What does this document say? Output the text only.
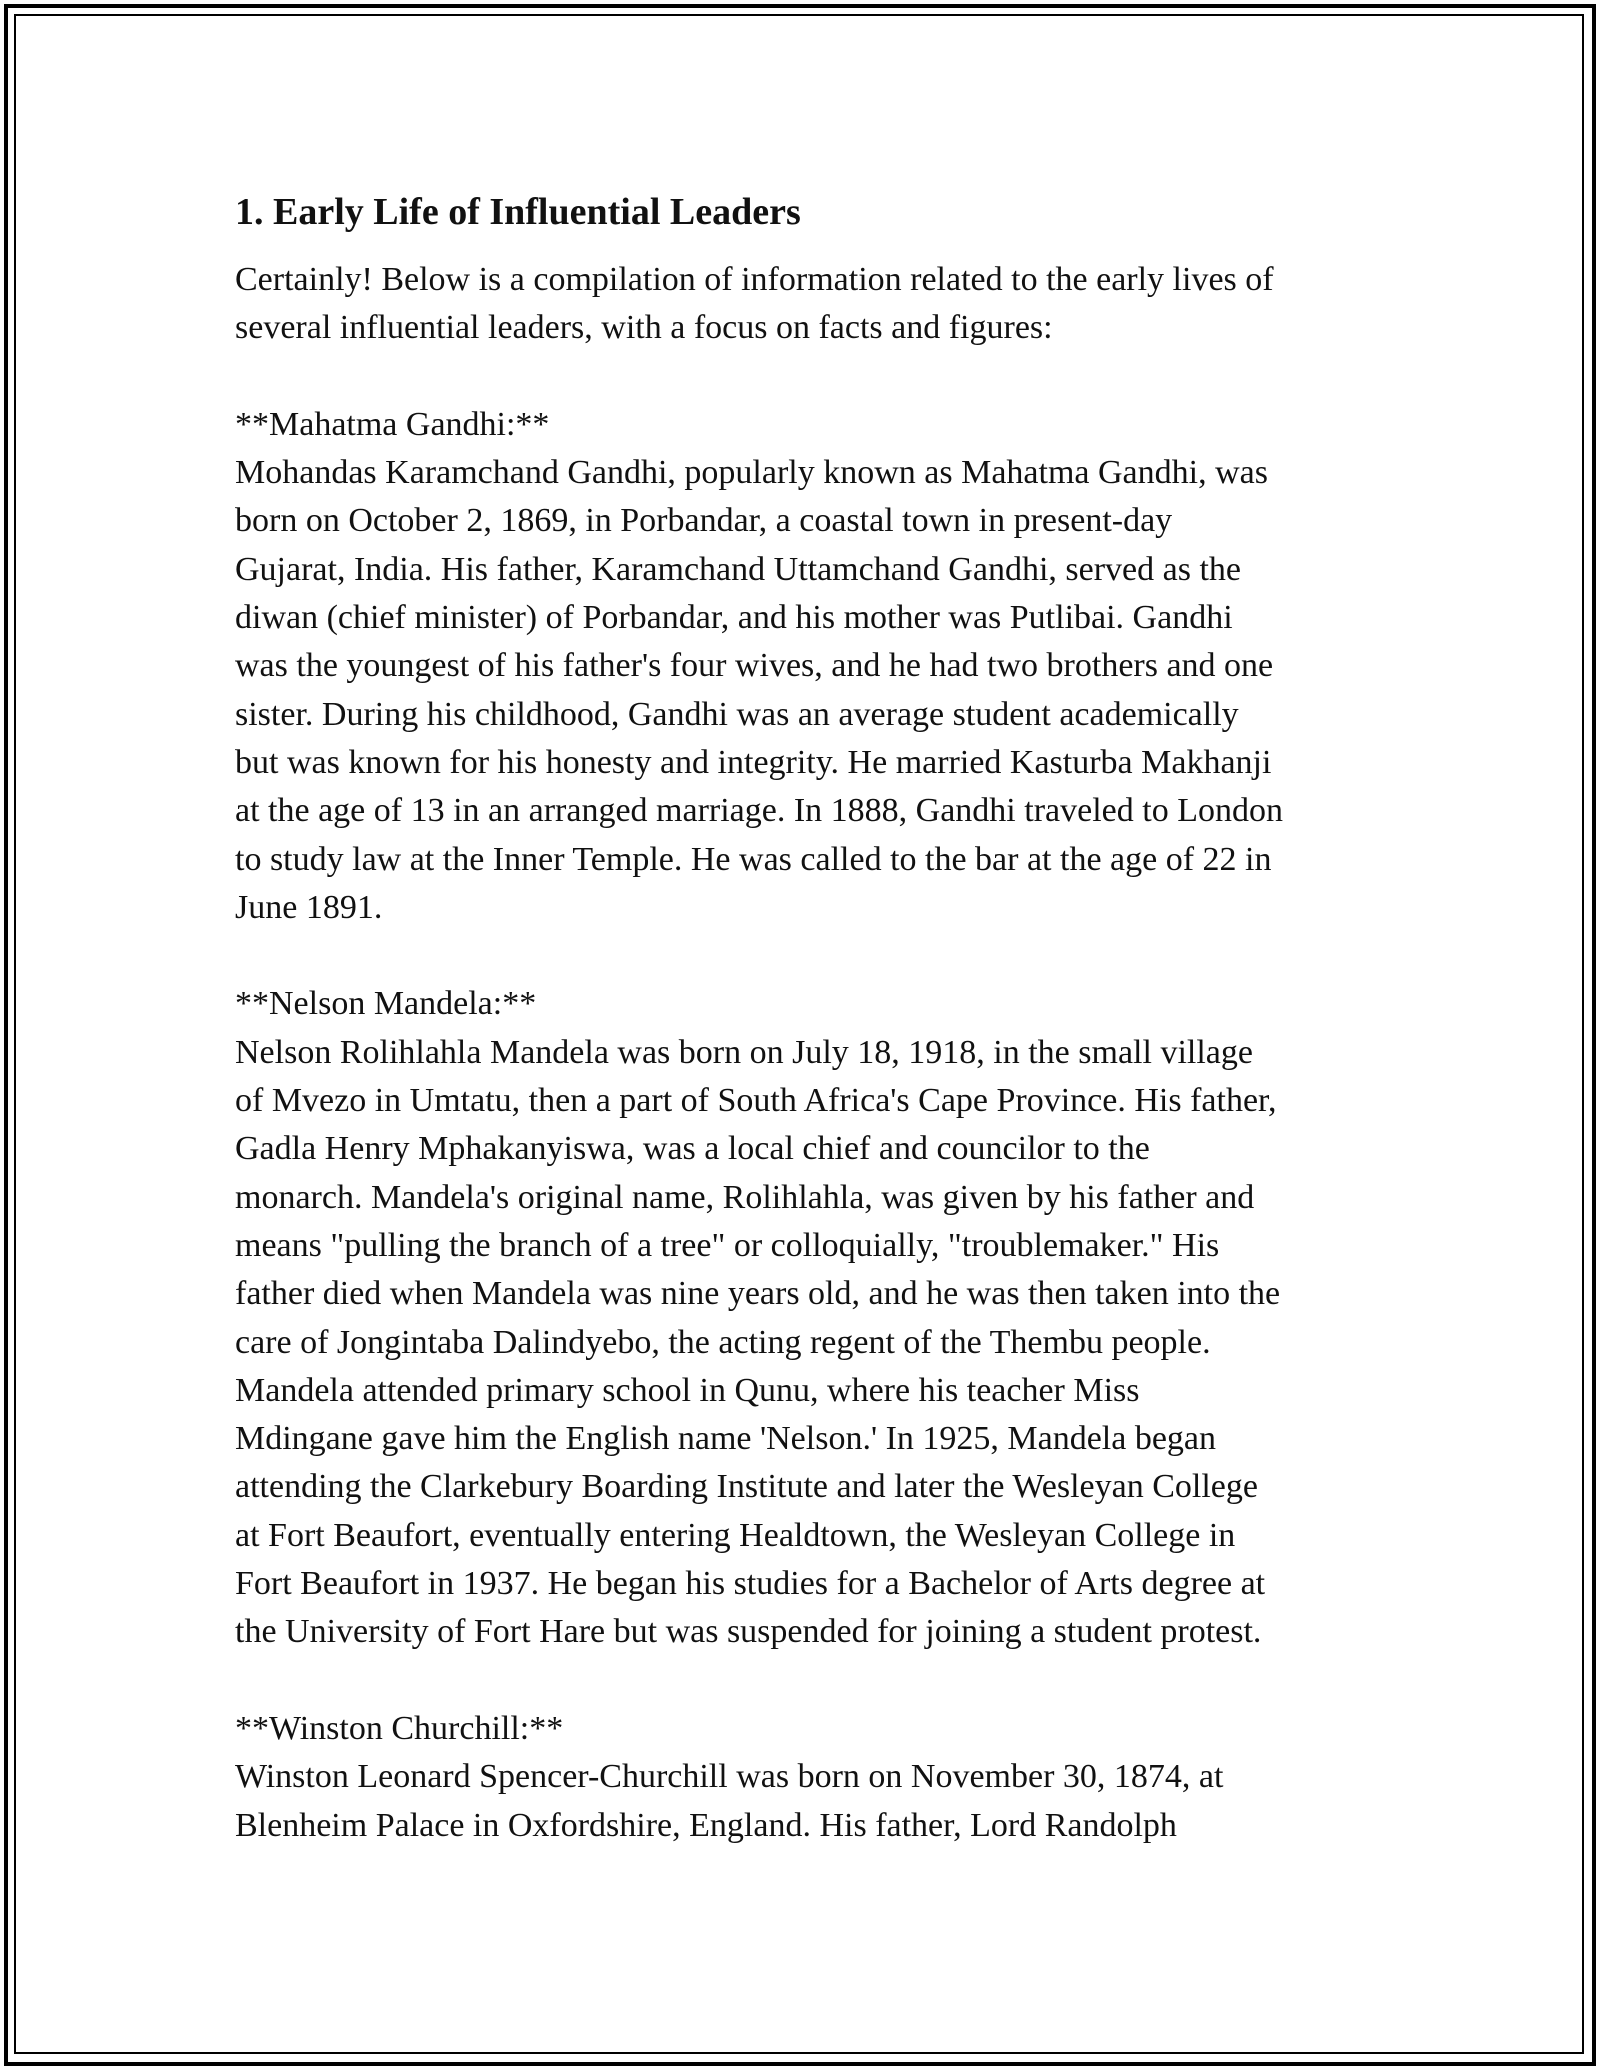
1. Early Life of Influential Leaders

Certainly! Below is a compilation of information related to the early lives of
several influential leaders, with a focus on facts and figures:

**Mahatma Gandhi:**

Mohandas Karamchand Gandhi, popularly known as Mahatma Gandhi, was
born on October 2, 1869, in Porbandar, a coastal town in present-day
Gujarat, India. His father, Karamchand Uttamchand Gandhi, served as the
diwan (chief minister) of Porbandar, and his mother was Putlibai. Gandhi
was the youngest of his father's four wives, and he had two brothers and one
sister. During his childhood, Gandhi was an average student academically
but was known for his honesty and integrity. He married Kasturba Makhanji
at the age of 13 in an arranged marriage. In 1888, Gandhi traveled to London
to study law at the Inner Temple. He was called to the bar at the age of 22 in
June 1891.

**Nelson Mandela:**

Nelson Rolihlahla Mandela was born on July 18, 1918, in the small village
of Mvezo in Umtatu, then a part of South Africa's Cape Province. His father,
Gadla Henry Mphakanyiswa, was a local chief and councilor to the
monarch. Mandela's original name, Rolihlahla, was given by his father and
means "pulling the branch of a tree" or colloquially, "troublemaker." His
father died when Mandela was nine years old, and he was then taken into the
care of Jongintaba Dalindyebo, the acting regent of the Thembu people.
Mandela attended primary school in Qunu, where his teacher Miss
Mdingane gave him the English name 'Nelson.' In 1925, Mandela began
attending the Clarkebury Boarding Institute and later the Wesleyan College
at Fort Beaufort, eventually entering Healdtown, the Wesleyan College in
Fort Beaufort in 1937. He began his studies for a Bachelor of Arts degree at
the University of Fort Hare but was suspended for joining a student protest.

**Winston Churchill:**

Winston Leonard Spencer-Churchill was born on November 30, 1874, at
Blenheim Palace in Oxfordshire, England. His father, Lord Randolph
